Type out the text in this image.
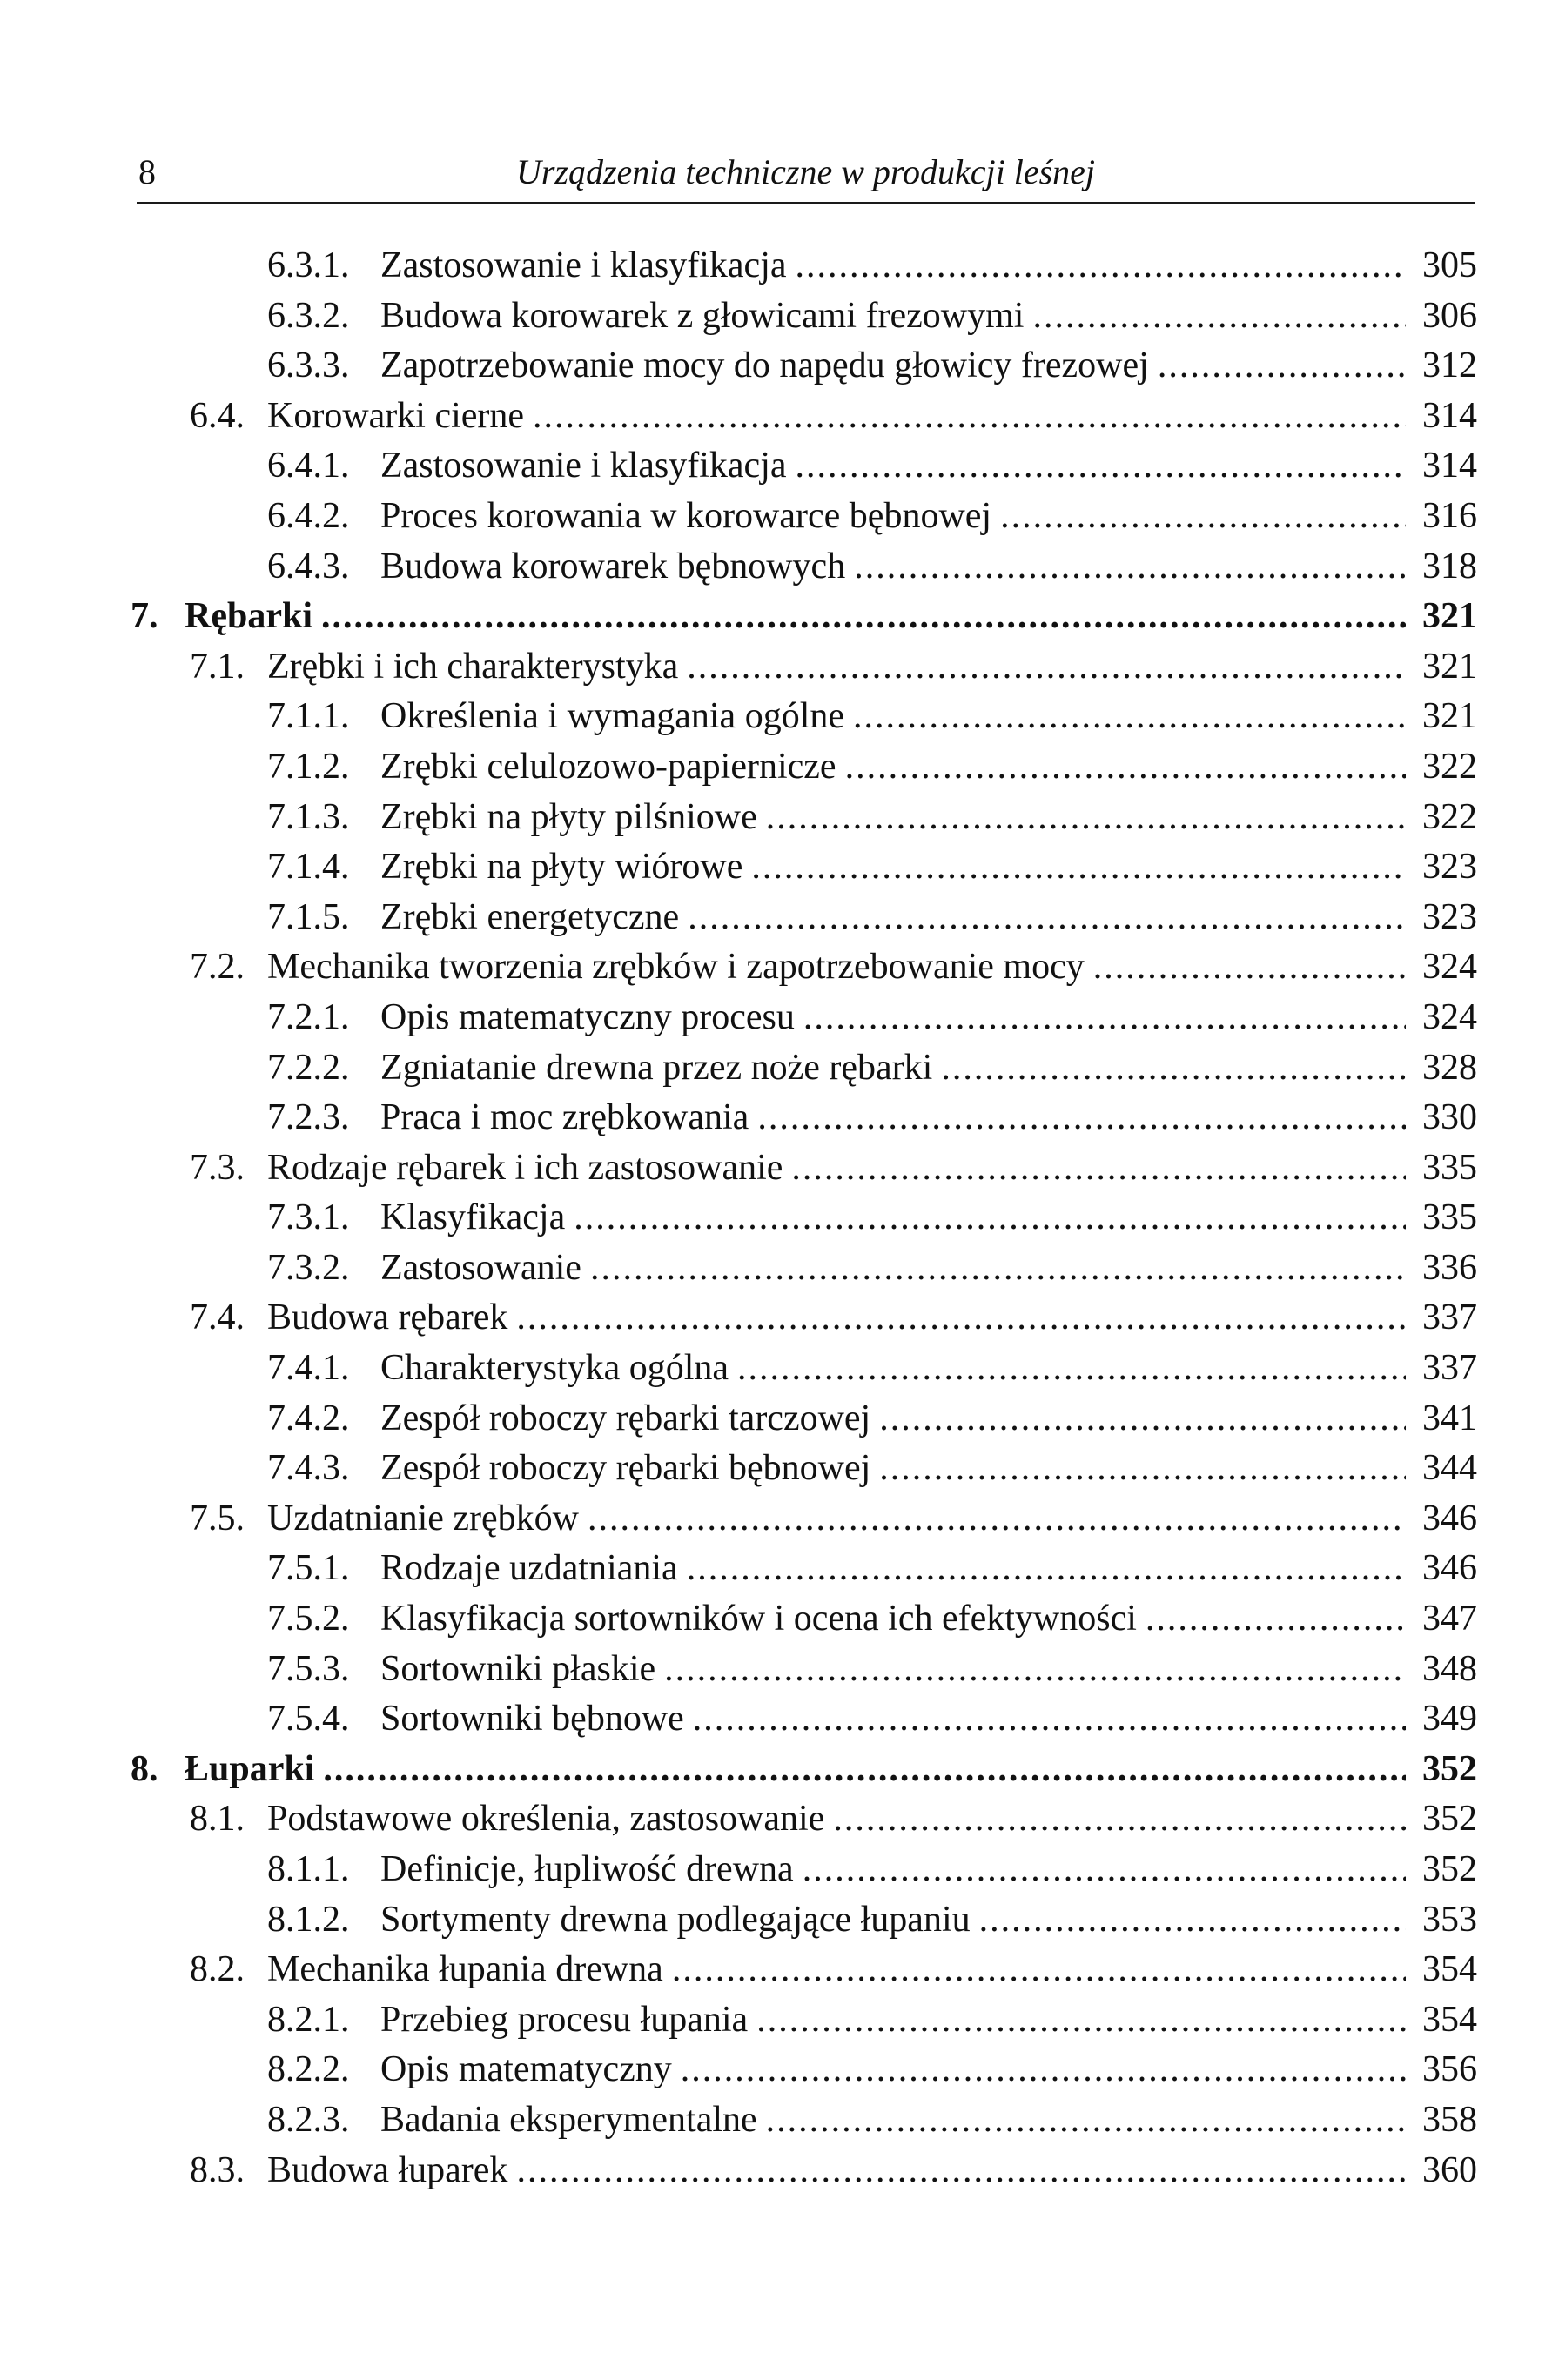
8	Urządzenia techniczne w produkcji leśnej
6.3.1. Zastosowanie i klasyfikacja .....	305
6.3.2. Budowa korowarek z głowicami frezowymi .....	306
6.3.3. Zapotrzebowanie mocy do napędu głowicy frezowej .....	312
6.4. Korowarki cierne .....	314
6.4.1. Zastosowanie i klasyfikacja .....	314
6.4.2. Proces korowania w korowarce bębnowej .....	316
6.4.3. Budowa korowarek bębnowych .....	318
7. Rębarki .....	321
7.1. Zrębki i ich charakterystyka .....	321
7.1.1. Określenia i wymagania ogólne .....	321
7.1.2. Zrębki celulozowo-papiernicze .....	322
7.1.3. Zrębki na płyty pilśniowe .....	322
7.1.4. Zrębki na płyty wiórowe .....	323
7.1.5. Zrębki energetyczne .....	323
7.2. Mechanika tworzenia zrębków i zapotrzebowanie mocy .....	324
7.2.1. Opis matematyczny procesu .....	324
7.2.2. Zgniatanie drewna przez noże rębarki .....	328
7.2.3. Praca i moc zrębkowania .....	330
7.3. Rodzaje rębarek i ich zastosowanie .....	335
7.3.1. Klasyfikacja .....	335
7.3.2. Zastosowanie .....	336
7.4. Budowa rębarek .....	337
7.4.1. Charakterystyka ogólna .....	337
7.4.2. Zespół roboczy rębarki tarczowej .....	341
7.4.3. Zespół roboczy rębarki bębnowej .....	344
7.5. Uzdatnianie zrębków .....	346
7.5.1. Rodzaje uzdatniania .....	346
7.5.2. Klasyfikacja sortowników i ocena ich efektywności .....	347
7.5.3. Sortowniki płaskie .....	348
7.5.4. Sortowniki bębnowe .....	349
8. Łuparki .....	352
8.1. Podstawowe określenia, zastosowanie .....	352
8.1.1. Definicje, łupliwość drewna .....	352
8.1.2. Sortymenty drewna podlegające łupaniu .....	353
8.2. Mechanika łupania drewna .....	354
8.2.1. Przebieg procesu łupania .....	354
8.2.2. Opis matematyczny .....	356
8.2.3. Badania eksperymentalne .....	358
8.3. Budowa łuparek .....	360
